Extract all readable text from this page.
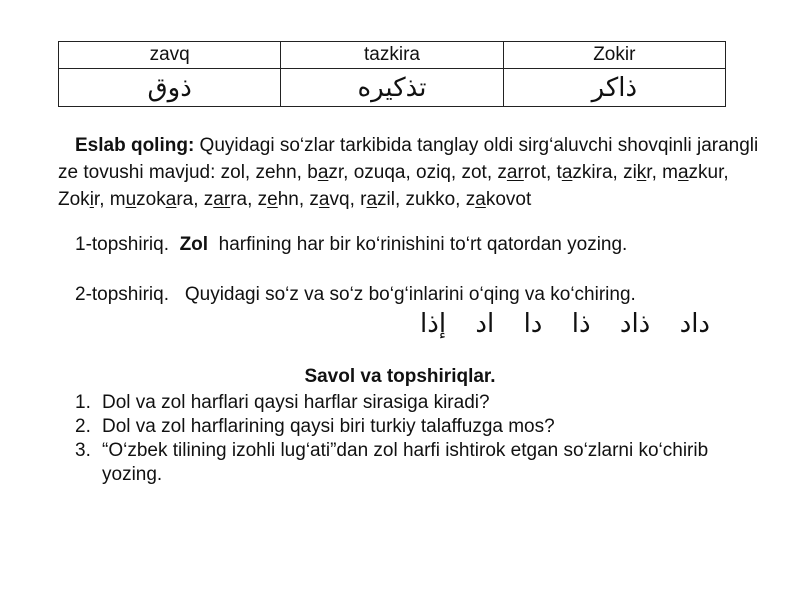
zavq	tazkira	Zokir
ذوق	تذكيره	ذاكر

Eslab qoling: Quyidagi so‘zlar tarkibida tanglay oldi sirg‘aluvchi shovqinli jarangli ze tovushi mavjud: zol, zehn, bazr, ozuqa, oziq, zot, zarrot, tazkira, zikr, mazkur, Zokir, muzokara, zarra, zehn, zavq, razil, zukko, zakovot

1-topshiriq. Zol harfining har bir ko‘rinishini to‘rt qatordan yozing.

2-topshiriq. Quyidagi so‘z va so‘z bo‘g‘inlarini o‘qing va ko‘chiring.

داد
ذاد
ذا
دا
اد
إذا

Savol va topshiriqlar.

1. Dol va zol harflari qaysi harflar sirasiga kiradi?
2. Dol va zol harflarining qaysi biri turkiy talaffuzga mos?
3. “O‘zbek tilining izohli lug‘ati”dan zol harfi ishtirok etgan so‘zlarni ko‘chirib yozing.
